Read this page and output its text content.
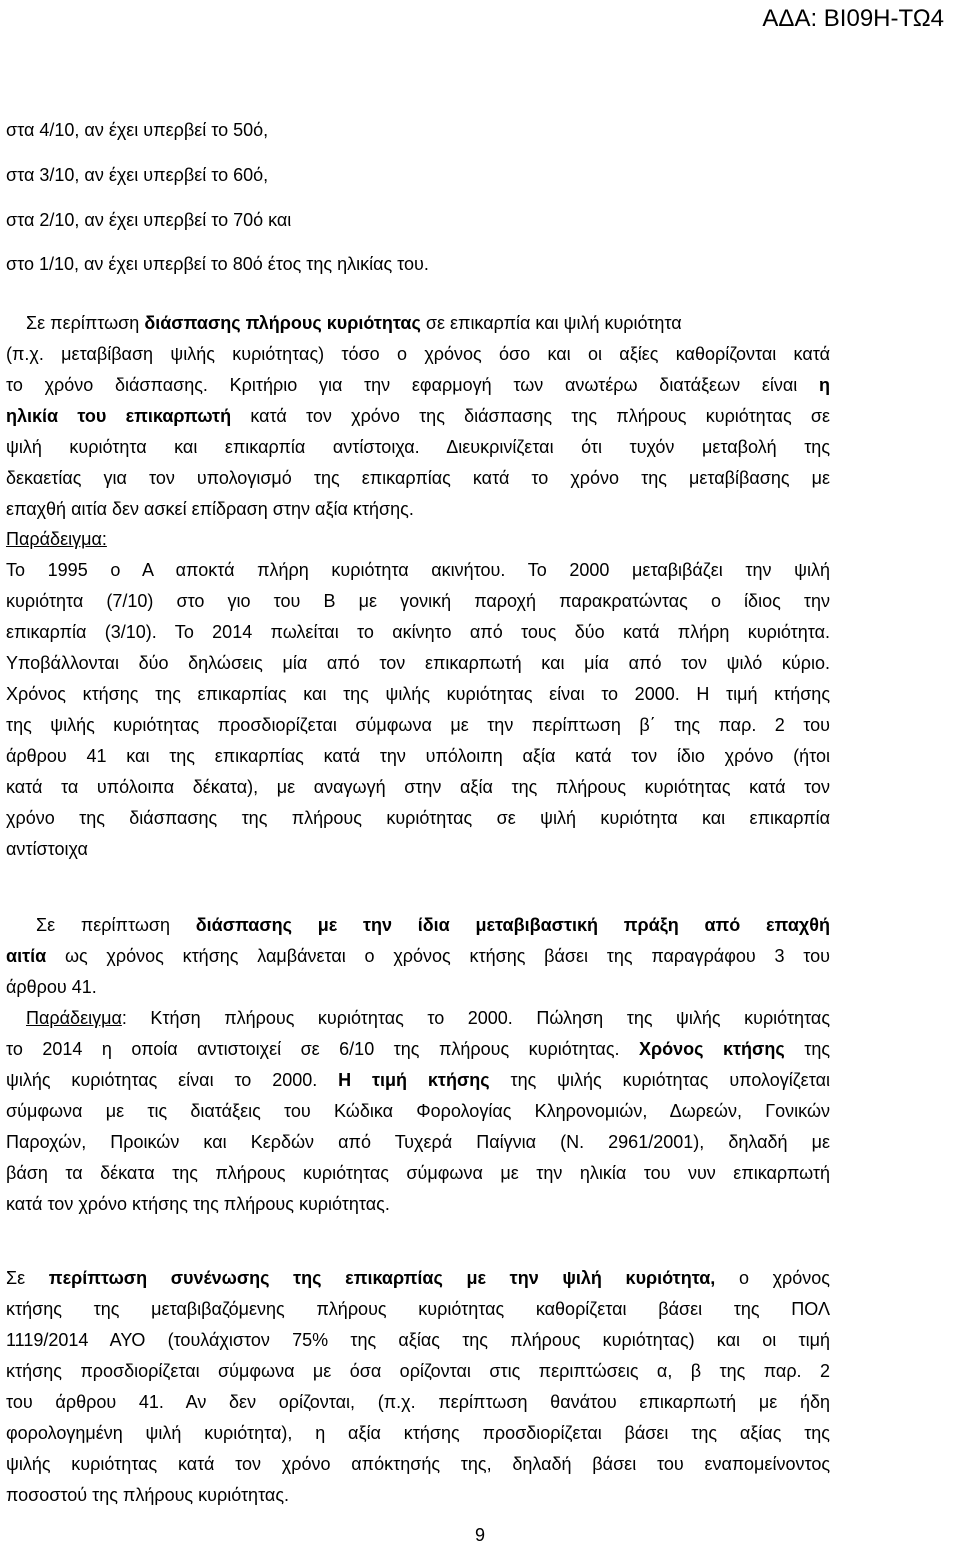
ΑΔΑ: ΒΙ09Η-ΤΩ4
στα 4/10, αν έχει υπερβεί το 50ό,
στα 3/10, αν έχει υπερβεί το 60ό,
στα 2/10, αν έχει υπερβεί το 70ό και
στο 1/10, αν έχει υπερβεί το 80ό έτος της ηλικίας του.
Σε περίπτωση διάσπασης πλήρους κυριότητας σε επικαρπία και ψιλή κυριότητα
(π.χ. μεταβίβαση ψιλής κυριότητας) τόσο ο χρόνος όσο και οι αξίες καθορίζονται κατά
το χρόνο διάσπασης. Κριτήριο για την εφαρμογή των ανωτέρω διατάξεων είναι η
ηλικία του επικαρπωτή κατά τον χρόνο της διάσπασης της πλήρους κυριότητας σε
ψιλή κυριότητα και επικαρπία αντίστοιχα. Διευκρινίζεται ότι τυχόν μεταβολή της
δεκαετίας για τον υπολογισμό της επικαρπίας κατά το χρόνο της μεταβίβασης με
επαχθή αιτία δεν ασκεί επίδραση στην αξία κτήσης.
Παράδειγμα:
Το 1995 ο Α αποκτά πλήρη κυριότητα ακινήτου. Το 2000 μεταβιβάζει την ψιλή
κυριότητα (7/10) στο γιο του Β με γονική παροχή παρακρατώντας ο ίδιος την
επικαρπία (3/10). Το 2014 πωλείται το ακίνητο από τους δύο κατά πλήρη κυριότητα.
Υποβάλλονται δύο δηλώσεις μία από τον επικαρπωτή και μία από τον ψιλό κύριο.
Χρόνος κτήσης της επικαρπίας και της ψιλής κυριότητας είναι το 2000. Η τιμή κτήσης
της ψιλής κυριότητας προσδιορίζεται σύμφωνα με την περίπτωση β΄ της παρ. 2 του
άρθρου 41 και της επικαρπίας κατά την υπόλοιπη αξία κατά τον ίδιο χρόνο (ήτοι
κατά τα υπόλοιπα δέκατα), με αναγωγή στην αξία της πλήρους κυριότητας κατά τον
χρόνο της διάσπασης της πλήρους κυριότητας σε ψιλή κυριότητα και επικαρπία
αντίστοιχα
Σε περίπτωση διάσπασης με την ίδια μεταβιβαστική πράξη από επαχθή
αιτία ως χρόνος κτήσης λαμβάνεται ο χρόνος κτήσης βάσει της παραγράφου 3 του
άρθρου 41.
Παράδειγμα: Κτήση πλήρους κυριότητας το 2000. Πώληση της ψιλής κυριότητας
το 2014 η οποία αντιστοιχεί σε 6/10 της πλήρους κυριότητας. Χρόνος κτήσης της
ψιλής κυριότητας είναι το 2000. Η τιμή κτήσης της ψιλής κυριότητας υπολογίζεται
σύμφωνα με τις διατάξεις του Κώδικα Φορολογίας Κληρονομιών, Δωρεών, Γονικών
Παροχών, Προικών και Κερδών από Τυχερά Παίγνια (Ν. 2961/2001), δηλαδή με
βάση τα δέκατα της πλήρους κυριότητας σύμφωνα με την ηλικία του νυν επικαρπωτή
κατά τον χρόνο κτήσης της πλήρους κυριότητας.
Σε περίπτωση συνένωσης της επικαρπίας με την ψιλή κυριότητα, ο χρόνος
κτήσης της μεταβιβαζόμενης πλήρους κυριότητας καθορίζεται βάσει της ΠΟΛ
1119/2014 ΑΥΟ (τουλάχιστον 75% της αξίας της πλήρους κυριότητας) και οι τιμή
κτήσης προσδιορίζεται σύμφωνα με όσα ορίζονται στις περιπτώσεις α, β της παρ. 2
του άρθρου 41. Αν δεν ορίζονται, (π.χ. περίπτωση θανάτου επικαρπωτή με ήδη
φορολογημένη ψιλή κυριότητα), η αξία κτήσης προσδιορίζεται βάσει της αξίας της
ψιλής κυριότητας κατά τον χρόνο απόκτησής της, δηλαδή βάσει του εναπομείνοντος
ποσοστού της πλήρους κυριότητας.
9
